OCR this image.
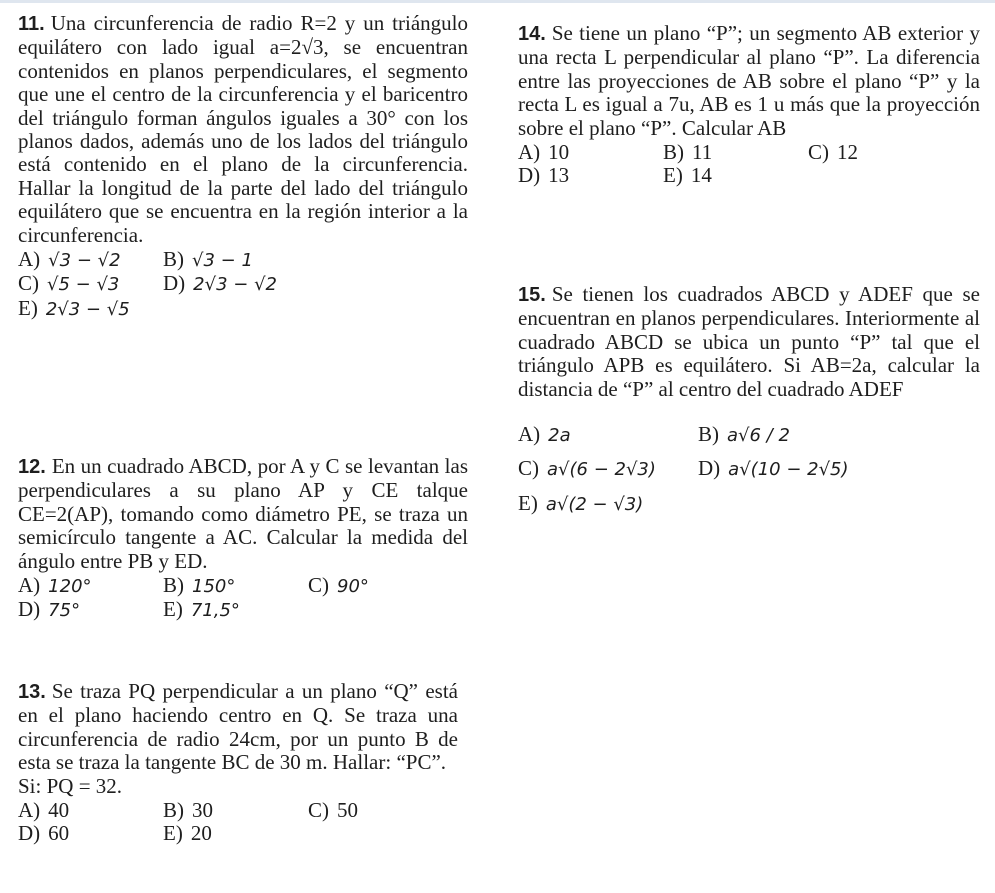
11. Una circunferencia de radio R=2 y un triángulo equilátero con lado igual a=2√3, se encuentran contenidos en planos perpendiculares, el segmento que une el centro de la circunferencia y el baricentro del triángulo forman ángulos iguales a 30° con los planos dados, además uno de los lados del triángulo está contenido en el plano de la circunferencia. Hallar la longitud de la parte del lado del triángulo equilátero que se encuentra en la región interior a la circunferencia.

A) √3 − √2	B) √3 − 1
C) √5 − √3	D) 2√3 − √2
E) 2√3 − √5

12. En un cuadrado ABCD, por A y C se levantan las perpendiculares a su plano AP y CE talque CE=2(AP), tomando como diámetro PE, se traza un semicírculo tangente a AC. Calcular la medida del ángulo entre PB y ED.

A) 120°	B) 150°	C) 90°
D) 75°	E) 71,5°

13. Se traza PQ perpendicular a un plano “Q” está en el plano haciendo centro en Q. Se traza una circunferencia de radio 24cm, por un punto B de esta se traza la tangente BC de 30 m. Hallar: “PC”.

Si: PQ = 32.
A) 40	B) 30	C) 50
D) 60	E) 20

14. Se tiene un plano “P”; un segmento AB exterior y una recta L perpendicular al plano “P”. La diferencia entre las proyecciones de AB sobre el plano “P” y la recta L es igual a 7u, AB es 1 u más que la proyección sobre el plano “P”. Calcular AB

A) 10	B) 11	C) 12
D) 13	E) 14

15. Se tienen los cuadrados ABCD y ADEF que se encuentran en planos perpendiculares. Interiormente al cuadrado ABCD se ubica un punto “P” tal que el triángulo APB es equilátero. Si AB=2a, calcular la distancia de “P” al centro del cuadrado ADEF

A) 2a	B) a√6 / 2
C) a√(6 − 2√3)	D) a√(10 − 2√5)
E) a√(2 − √3)
